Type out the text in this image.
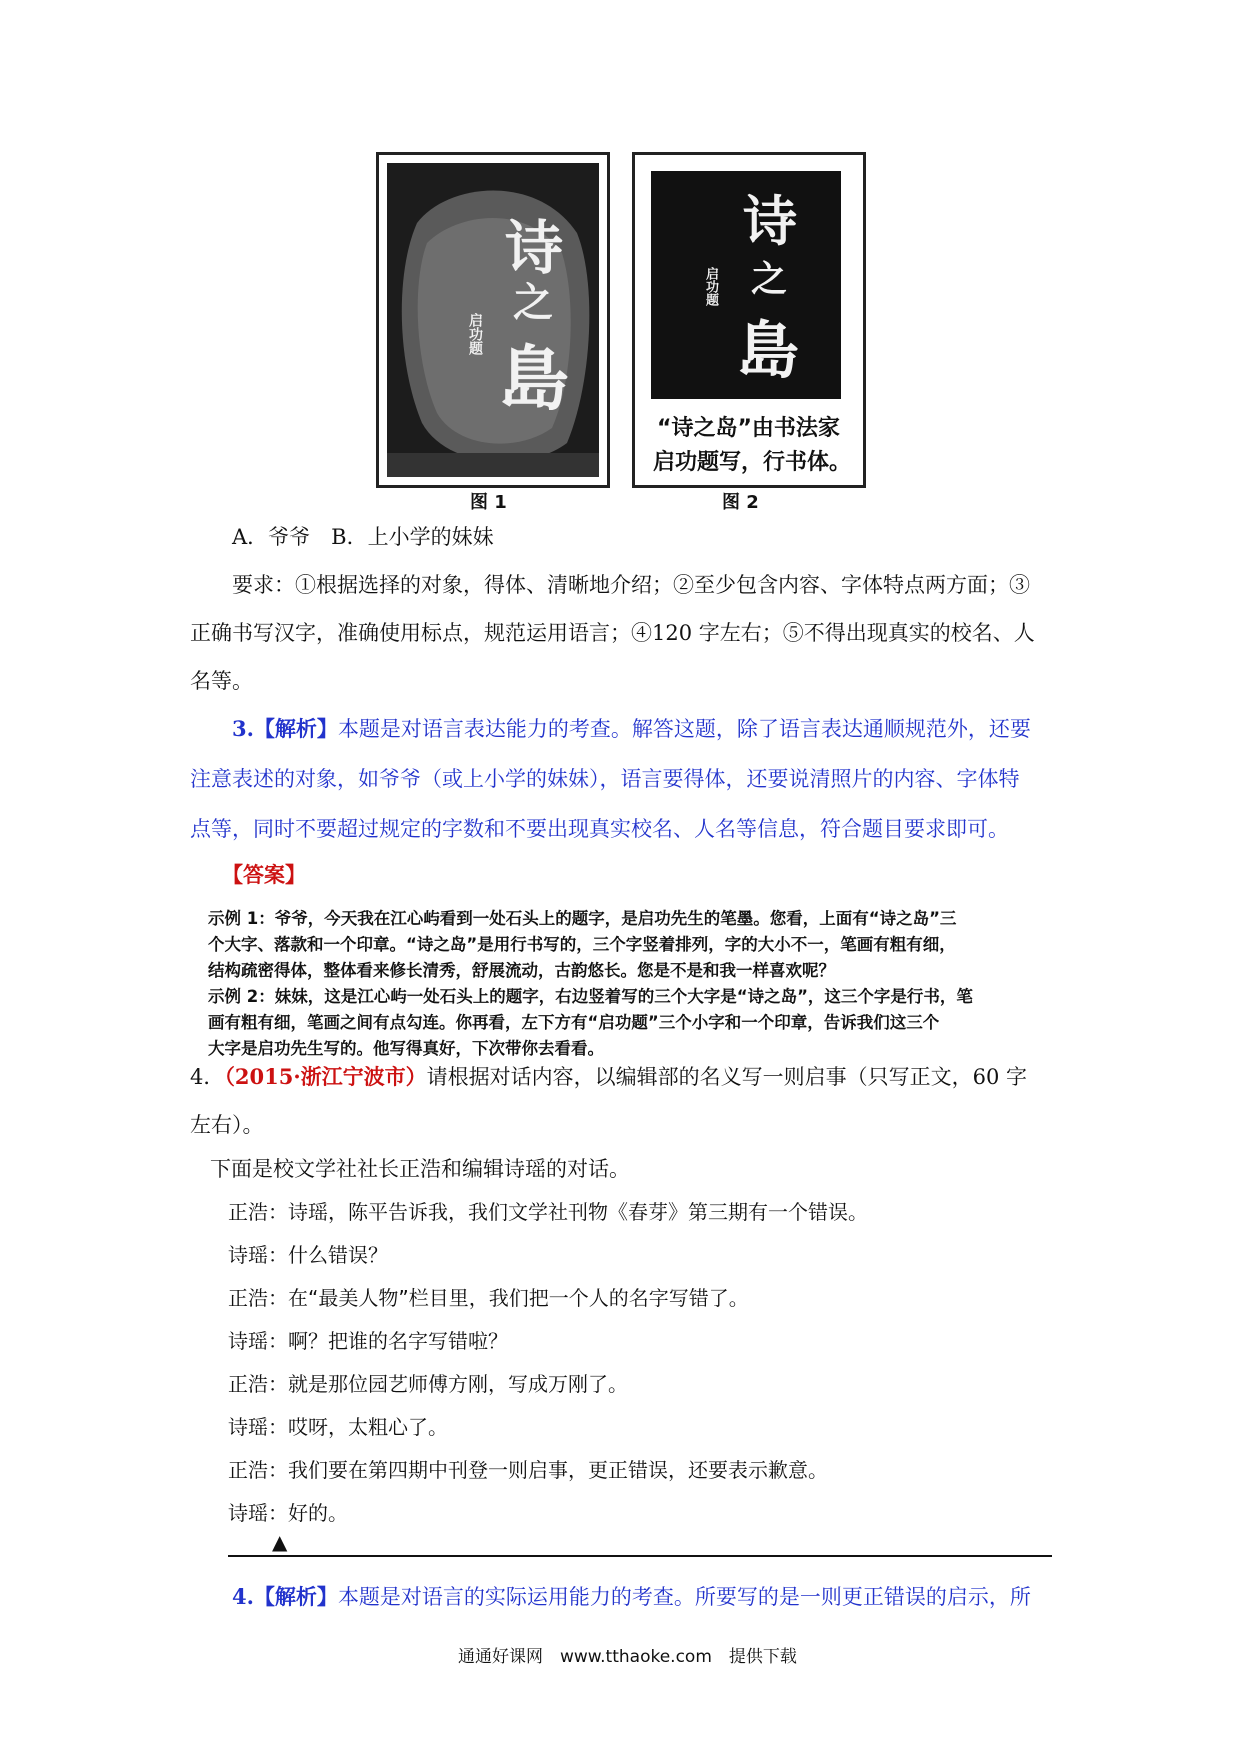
诗
之
島
启功题
图 1
诗
之
島
启功题
“诗之岛”由书法家
启功题写，行书体。
图 2
A．爷爷　B．上小学的妹妹
要求：①根据选择的对象，得体、清晰地介绍；②至少包含内容、字体特点两方面；③
正确书写汉字，准确使用标点，规范运用语言；④120 字左右；⑤不得出现真实的校名、人
名等。
3.【解析】本题是对语言表达能力的考查。解答这题，除了语言表达通顺规范外，还要
注意表述的对象，如爷爷（或上小学的妹妹），语言要得体，还要说清照片的内容、字体特
点等，同时不要超过规定的字数和不要出现真实校名、人名等信息，符合题目要求即可。
【答案】
示例 1：爷爷，今天我在江心屿看到一处石头上的题字，是启功先生的笔墨。您看，上面有“诗之岛”三
个大字、落款和一个印章。“诗之岛”是用行书写的，三个字竖着排列，字的大小不一，笔画有粗有细，
结构疏密得体，整体看来修长清秀，舒展流动，古韵悠长。您是不是和我一样喜欢呢？
示例 2：妹妹，这是江心屿一处石头上的题字，右边竖着写的三个大字是“诗之岛”，这三个字是行书，笔
画有粗有细，笔画之间有点勾连。你再看，左下方有“启功题”三个小字和一个印章，告诉我们这三个
大字是启功先生写的。他写得真好，下次带你去看看。
4．（2015·浙江宁波市）请根据对话内容，以编辑部的名义写一则启事（只写正文，60 字
左右）。
下面是校文学社社长正浩和编辑诗瑶的对话。
正浩：诗瑶，陈平告诉我，我们文学社刊物《春芽》第三期有一个错误。
诗瑶：什么错误？
正浩：在“最美人物”栏目里，我们把一个人的名字写错了。
诗瑶：啊？把谁的名字写错啦？
正浩：就是那位园艺师傅方刚，写成万刚了。
诗瑶：哎呀，太粗心了。
正浩：我们要在第四期中刊登一则启事，更正错误，还要表示歉意。
诗瑶：好的。
▲
4.【解析】本题是对语言的实际运用能力的考查。所要写的是一则更正错误的启示，所
通通好课网　www.tthaoke.com　提供下载
